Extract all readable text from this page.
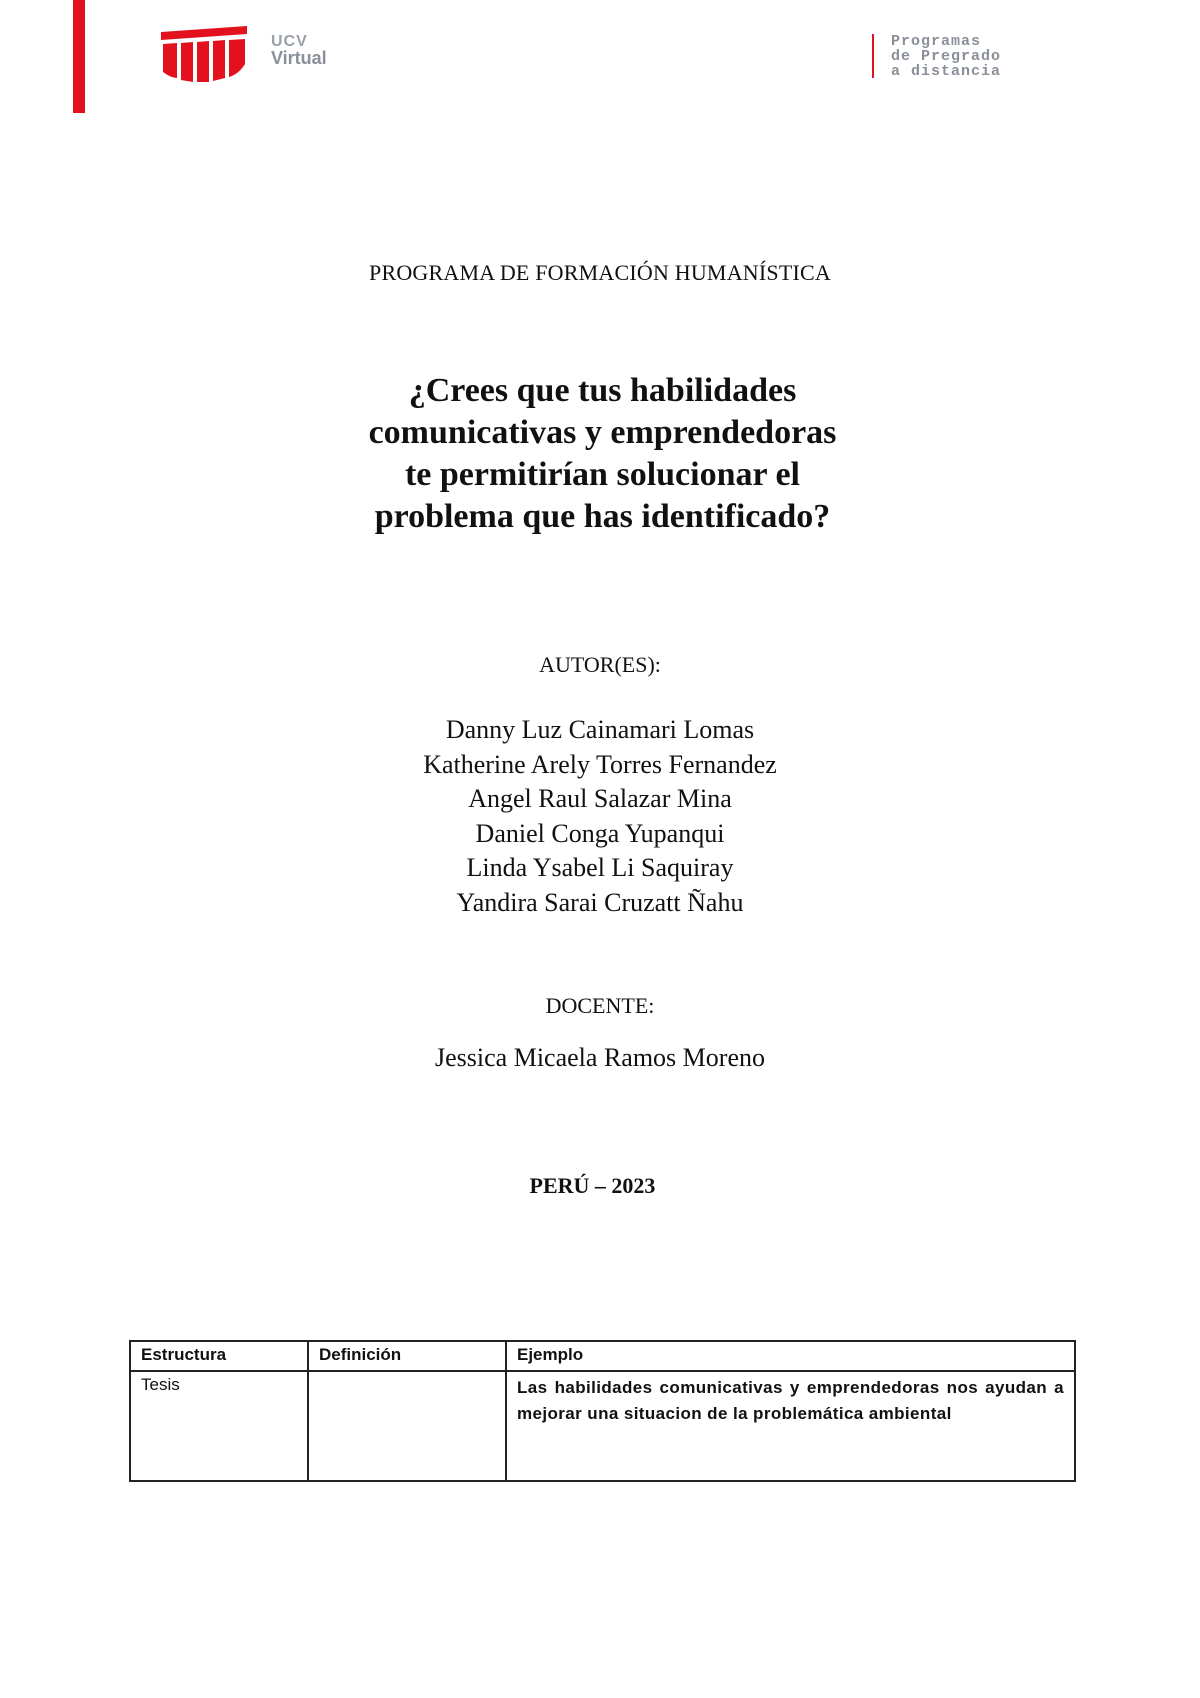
UCV
Virtual
Programas
de Pregrado
a distancia
PROGRAMA DE FORMACIÓN HUMANÍSTICA
¿Crees que tus habilidades
comunicativas y emprendedoras
te permitirían solucionar el
problema que has identificado?
AUTOR(ES):
Danny Luz Cainamari Lomas
Katherine Arely Torres Fernandez
Angel Raul Salazar Mina
Daniel Conga Yupanqui
Linda Ysabel Li Saquiray
Yandira Sarai Cruzatt Ñahu
DOCENTE:
Jessica Micaela Ramos Moreno
PERÚ – 2023
Estructura	Definición	Ejemplo
Tesis		Las habilidades comunicativas y emprendedoras nos ayudan a mejorar una situacion de la problemática ambiental
